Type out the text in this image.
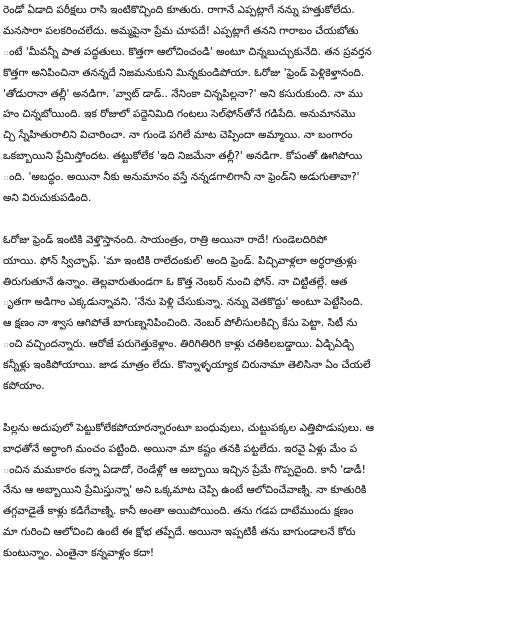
రెండో ఏడాది పరీక్షలు రాసి ఇంటికొచ్చింది కూతురు. రాగానే ఎప్పట్లాగే నన్ను హత్తుకోలేదు.
మనసారా పలకరించలేదు. అమ్మపైనా ప్రేమ చూపదే! ఎప్పట్లాగే తనని గారాబం చేయబోతు
ంటే 'మీవన్నీ పాత పద్ధతులు. కొత్తగా ఆలోచించండి' అంటూ చిన్నబుచ్చుకునేది. తన ప్రవర్తన
కొత్తగా అనిపించినా తనన్నదే నిజమనుకుని మిన్నకుండిపోయా. ఓరోజు 'ఫ్రెండ్ పెళ్లికెళ్తానంది.
'తోడురానా తల్లీ' అనడిగా. 'వ్వాట్ డాడ్.. నేనింకా చిన్నపిల్లనా?' అని కసురుకుంది. నా ము
హం చిన్నబోయింది. ఇక రోజులో పద్దెనిమిది గంటలు సెల్‌ఫోన్‌తోనే గడిపేది. అనుమానమొ
చ్చి స్నేహితురాలిని విచారించా. నా గుండె పగిలే మాట చెప్పిందా అమ్మాయి. నా బంగారం
ఒకబ్బాయిని ప్రేమిస్తోందట. తట్టుకోలేక 'ఇది నిజమేనా తల్లీ?' అనడిగా. కోపంతో ఊగిపోయి
ంది. 'అబద్ధం. అయినా నీకు అనుమానం వస్తే నన్నడగాలిగానీ నా ఫ్రెండ్‌ని అడుగుతావా?'
అని విరుచుకుపడింది.
ఓరోజు ఫ్రెండ్ ఇంటికి వెళ్తొస్తానంది. సాయంత్రం, రాత్రి అయినా రాదే! గుండెలదిరిపో
యాయి. ఫోన్ స్విచ్ఛాఫ్. 'మా ఇంటికి రాలేదంకుల్' అంది ఫ్రెండ్. పిచ్చివాళ్లలా అర్ధరాత్రుళ్లు
తిరుగుతూనే ఉన్నాం. తెల్లవారుతుండగా ఓ కొత్త నెంబర్ నుంచి ఫోన్. నా చిట్టితల్లే. ఆత
ృతగా అడిగాం ఎక్కడున్నావని. 'నేను పెళ్లి చేసుకున్నా. నన్ను వెతకొద్దు' అంటూ పెట్టేసింది.
ఆ క్షణం నా శ్వాస ఆగిపోతే బాగుణ్ననిపించింది. నెంబర్ పోలీసులకిచ్చి కేసు పెట్టా. సిటీ ను
ంచి వచ్చిందన్నారు. ఆరోజే పరుగెత్తుకెళ్లాం. తిరిగితిరిగి కాళ్లు చతికిలబడ్డాయి. ఏడ్చిఏడ్చి
కన్నీళ్లు ఇంకిపోయాయి. జాడ మాత్రం లేదు. కొన్నాళ్ళయ్యాక చిరునామా తెలిసినా ఏం చేయలే
కపోయాం.
పిల్లను అదుపులో పెట్టుకోలేకపోయారన్నారంటూ బంధువులు, చుట్టుపక్కల ఎత్తిపొడుపులు. ఆ
బాధతోనే అర్ధాంగి మంచం పట్టింది. అయినా మా కష్టం తనకి పట్టలేదు. ఇరవై ఏళ్లు మేం ప
ంచిన మమకారం కన్నా ఏడాదో, రెండేళ్లో ఆ అబ్బాయి ఇచ్చిన ప్రేమే గొప్పదైంది. కానీ 'డాడీ!
నేను ఆ అబ్బాయిని ప్రేమిస్తున్నా' అని ఒక్కమాట చెప్పి ఉంటే ఆలోచించేవాణ్ని. నా కూతురికి
తగ్గవాడైతే కాళ్లు కడిగేవాణ్ని. కానీ అంతా అయిపోయింది. తను గడప దాటేముందు క్షణం
మా గురించి ఆలోచించి ఉంటే ఈ క్షోభ తప్పేదే. అయినా ఇప్పటికీ తను బాగుండాలనే కోరు
కుంటున్నాం. ఎంతైనా కన్నవాళ్లం కదా!
